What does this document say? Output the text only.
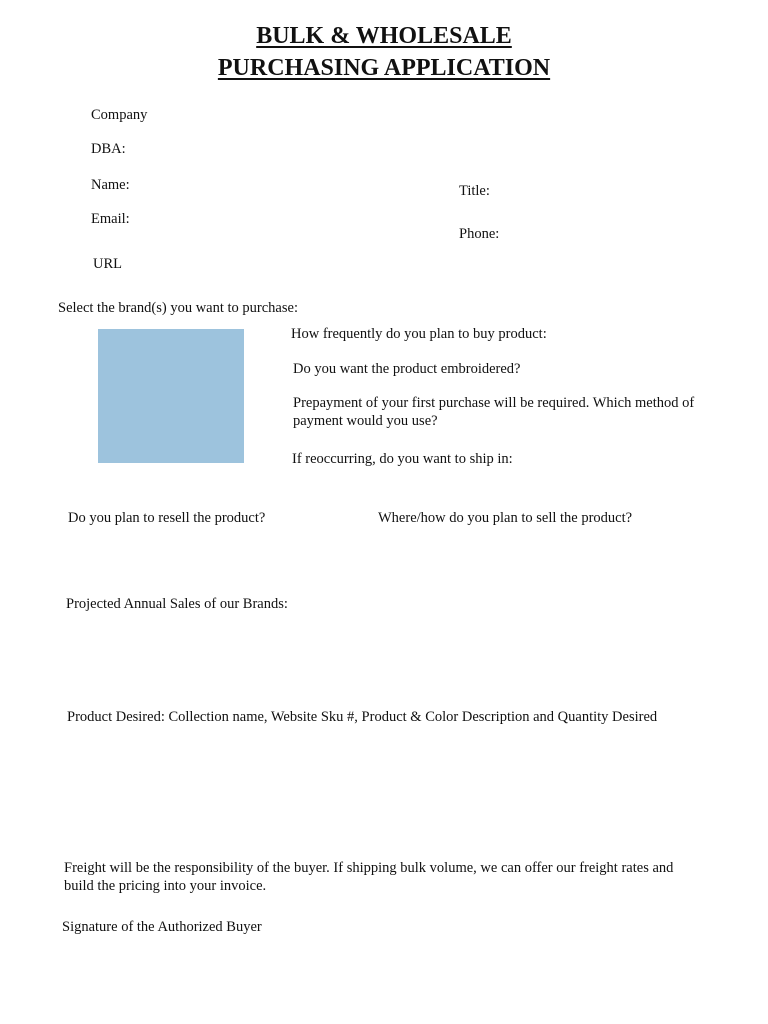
BULK & WHOLESALE
PURCHASING APPLICATION
Company
DBA:
Name:	Title:
Email:
Phone:
URL
Select the brand(s) you want to purchase:
How frequently do you plan to buy product:
Do you want the product embroidered?
Prepayment of your first purchase will be required. Which method of payment would you use?
If reoccurring, do you want to ship in:
Do you plan to resell the product?	Where/how do you plan to sell the product?
Projected Annual Sales of our Brands:
Product Desired: Collection name, Website Sku #, Product & Color Description and Quantity Desired
Freight will be the responsibility of the buyer. If shipping bulk volume, we can offer our freight rates and build the pricing into your invoice.
Signature of the Authorized Buyer
